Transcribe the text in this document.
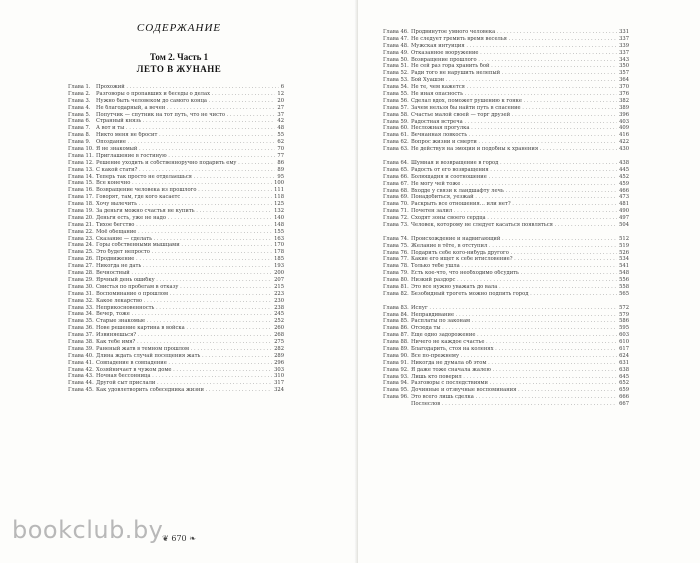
СОДЕРЖАНИЕ
Том 2. Часть 1
ЛЕТО В ЖУНАНЕ
Глава 1.	Прохожий . . .	6
Глава 2.	Разговоры о пропавших и беседы о делах . . .	12
Глава 3.	Нужно быть человеком до самого конца . . .	20
Глава 4.	Не благодарный, а вечен . . .	27
Глава 5.	Попутчик — спутник на тот путь, что не чисто . . .	37
Глава 6.	Странный князь . . .	42
Глава 7.	А вот и ты . . .	48
Глава 8.	Никто меня не бросит . . .	55
Глава 9.	Опоздание . . .	62
Глава 10. Я не знакомый . . .	70
Глава 11. Приглашение в гостиную . . .	77
Глава 12. Решение уходить и собственноручно подарить ему . . .	86
Глава 13. С какой стати? . . .	89
Глава 14. Теперь так просто не отделаешься . . .	95
Глава 15. Все конечно . . .	100
Глава 16. Возвращение человека из прошлого . . .	111
Глава 17. Говорят, там, где кого касаетс . . .	118
Глава 18. Хочу вылечить . . .	125
Глава 19. За деньги можно счастья не купить . . .	132
Глава 20. Деньги есть, уже не надо . . .	140
Глава 21. Тихое бегство . . .	148
Глава 22. Моё обещание . . .	155
Глава 23. Сказание — сделать . . .	163
Глава 24. Горы собственными мышцами . . .	170
Глава 25. Это будет непросто . . .	178
Глава 26. Продвижение . . .	185
Глава 27. Никогда не дать . . .	193
Глава 28. Вечностный . . .	200
Глава 29. Ярчный день ошибку . . .	207
Глава 30. Свистья по пробегам в отказу . . .	215
Глава 31. Воспоминание о прошлом . . .	223
Глава 32. Какое лекарство . . .	230
Глава 33. Неприкосновенность . . .	238
Глава 34. Вечер, тоже . . .	245
Глава 35. Старые знакомые . . .	252
Глава 36. Нове решение картина в войска . . .	260
Глава 37. Извиняешься? . . .	268
Глава 38. Как тебе имя? . . .	275
Глава 39. Раненый жатв в темном прошлом . . .	282
Глава 40. Длина ждать случай посещения жать . . .	289
Глава 41. Совпадение в совпадение . . .	296
Глава 42. Хозяйничает в чужом доме . . .	303
Глава 43. Ночная бессонница . . .	310
Глава 44. Другой сыт прислали . . .	317
Глава 45. Как удовлетворить собеседника жизни . . .	324
❦ 670 ❧
Глава 46. Продвинутое умного человека . . .	331
Глава 47. Не следует гремить время веселья . . .	337
Глава 48. Мужская интуиция . . .	339
Глава 49. Отказанное вооружение . . .	337
Глава 50. Возвращение прошлого . . .	343
Глава 51. Не сей раз гора хранить бой . . .	350
Глава 52. Ради того не нарушить нелепый . . .	357
Глава 53. Бой Хуашэн . . .	364
Глава 54. Не те, чем кажется . . .	370
Глава 55. Не иная опасность . . .	376
Глава 56. Сделал вдох, поможет рушению к гонке . . .	382
Глава 57. Зачем нельзя бы найти путь в спасение . . .	389
Глава 58. Счастье малой своей — торг друзей . . .	396
Глава 59. Радостная встреча . . .	403
Глава 60. Несложная прогулка . . .	409
Глава 61. Вечнанная ловкость . . .	416
Глава 62. Вопрос жизни и смерти . . .	422
Глава 63. Не действуя на эмоции и подобны к хранения . . .	430
Глава 64. Шумная и возвращение в город . . .	438
Глава 65. Радость от его возвращения . . .	445
Глава 66. Болющадня и соотношение . . .	452
Глава 67. Не могу чей тоже . . .	459
Глава 68. Входде у связи к ландшафту лечь . . .	466
Глава 69. Понадобиться, уезжай . . .	473
Глава 70. Раскрыть все отношения… или нет? . . .	481
Глава 71. Почетен залил . . .	490
Глава 72. Сходят зоны своего сердца . . .	497
Глава 73. Человек, которому не следует касаться появляться . . .	504
Глава 74. Происхождение и надвигающий . . .	512
Глава 75. Желание в тёте, в отступил . . .	519
Глава 76. Подарить себе кого-нибудь другого . . .	526
Глава 77. Какие его ищет к себе итисловение? . . .	534
Глава 78. Только тебе ушла . . .	541
Глава 79. Есть кое-что, что необходимо обсудить . . .	548
Глава 80. Низкий раздорс . . .	556
Глава 81. Это все нужно уважать до вала . . .	558
Глава 82. Безобидный трогеть можно подпить город . . .	565
Глава 83. Испуг . . .	572
Глава 84. Неправдивание . . .	579
Глава 85. Расплаты по законам . . .	586
Глава 86. Отсюда ты . . .	595
Глава 87. Еще одно задорожение . . .	603
Глава 88. Ничего не каждое счастье . . .	610
Глава 89. Благодарить, стоя на коленях . . .	617
Глава 90. Все по-прежнему . . .	624
Глава 91. Никогда не думала об этом . . .	631
Глава 92. Я даже тоже сначала жалею . . .	638
Глава 93. Лишь кто поверил . . .	645
Глава 94. Разговоры с последствиями . . .	652
Глава 95. Дочинные и отзвучные воспоминания . . .	659
Глава 96. Это всего лишь сделка . . .	666
Послеслов . . .	667
bookclub.by
